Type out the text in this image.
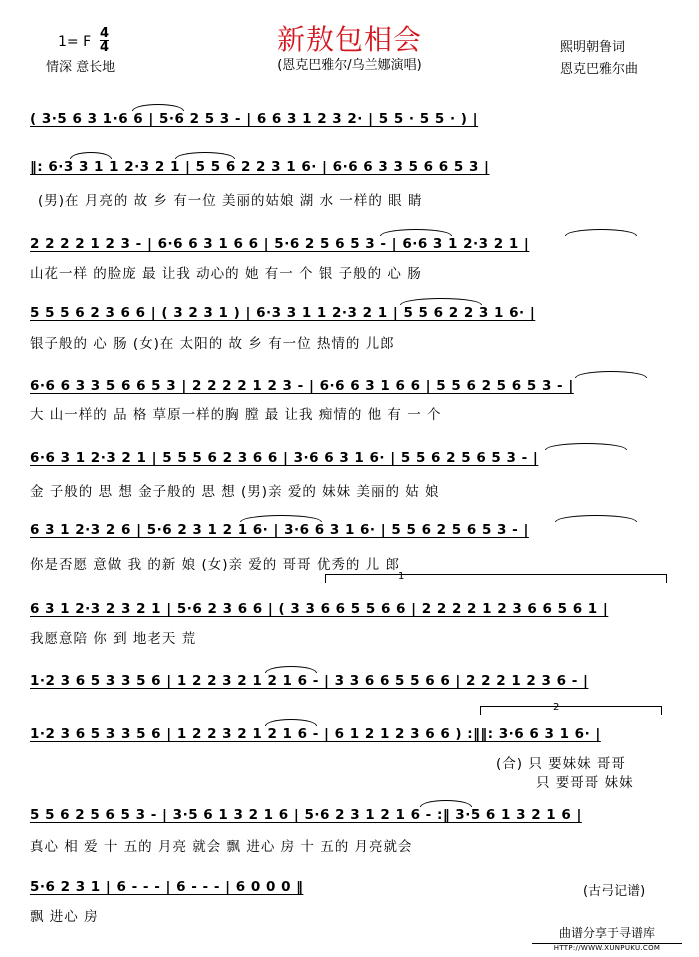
新敖包相会
(恩克巴雅尔/乌兰娜演唱)
1= F
4
4
情深 意长地
熙明朝鲁词
恩克巴雅尔曲
( 3·5 6 3 1·6 6 | 5·6 2 5 3 - | 6 6 3 1 2 3 2· | 5 5 · 5 5 · ) |
‖: 6·3 3 1 1 2·3 2 1 | 5 5 6 2 2 3 1 6· | 6·6 6 3 3 5 6 6 5 3 |
(男)在 月亮的 故 乡 有一位 美丽的姑娘 湖 水 一样的 眼 睛
2 2 2 2 1 2 3 - | 6·6 6 3 1 6 6 | 5·6 2 5 6 5 3 - | 6·6 3 1 2·3 2 1 |
山花一样 的脸庞 最 让我 动心的 她 有一 个 银 子般的 心 肠
5 5 5 6 2 3 6 6 | ( 3 2 3 1 ) | 6·3 3 1 1 2·3 2 1 | 5 5 6 2 2 3 1 6· |
银子般的 心 肠 (女)在 太阳的 故 乡 有一位 热情的 儿郎
6·6 6 3 3 5 6 6 5 3 | 2 2 2 2 1 2 3 - | 6·6 6 3 1 6 6 | 5 5 6 2 5 6 5 3 - |
大 山一样的 品 格 草原一样的胸 膛 最 让我 痴情的 他 有 一 个
6·6 3 1 2·3 2 1 | 5 5 5 6 2 3 6 6 | 3·6 6 3 1 6· | 5 5 6 2 5 6 5 3 - |
金 子般的 思 想 金子般的 思 想 (男)亲 爱的 妹妹 美丽的 姑 娘
6 3 1 2·3 2 6 | 5·6 2 3 1 2 1 6· | 3·6 6 3 1 6· | 5 5 6 2 5 6 5 3 - |
你是否愿 意做 我 的新 娘 (女)亲 爱的 哥哥 优秀的 儿 郎
1
6 3 1 2·3 2 3 2 1 | 5·6 2 3 6 6 | ( 3 3 6 6 5 5 6 6 | 2 2 2 2 1 2 3 6 6 5 6 1 |
我愿意陪 你 到 地老天 荒
1·2 3 6 5 3 3 5 6 | 1 2 2 3 2 1 2 1 6 - | 3 3 6 6 5 5 6 6 | 2 2 2 1 2 3 6 - |
2
1·2 3 6 5 3 3 5 6 | 1 2 2 3 2 1 2 1 6 - | 6 1 2 1 2 3 6 6 ) :‖‖: 3·6 6 3 1 6· |
(合) 只 要妹妹 哥哥
只 要哥哥 妹妹
5 5 6 2 5 6 5 3 - | 3·5 6 1 3 2 1 6 | 5·6 2 3 1 2 1 6 - :‖ 3·5 6 1 3 2 1 6 |
真心 相 爱 十 五的 月亮 就会 飘 进心 房 十 五的 月亮就会
5·6 2 3 1 | 6 - - - | 6 - - - | 6 0 0 0 ‖
飘 进心 房
(古弓记谱)
曲谱分享于寻谱库
HTTP://WWW.XUNPUKU.COM
